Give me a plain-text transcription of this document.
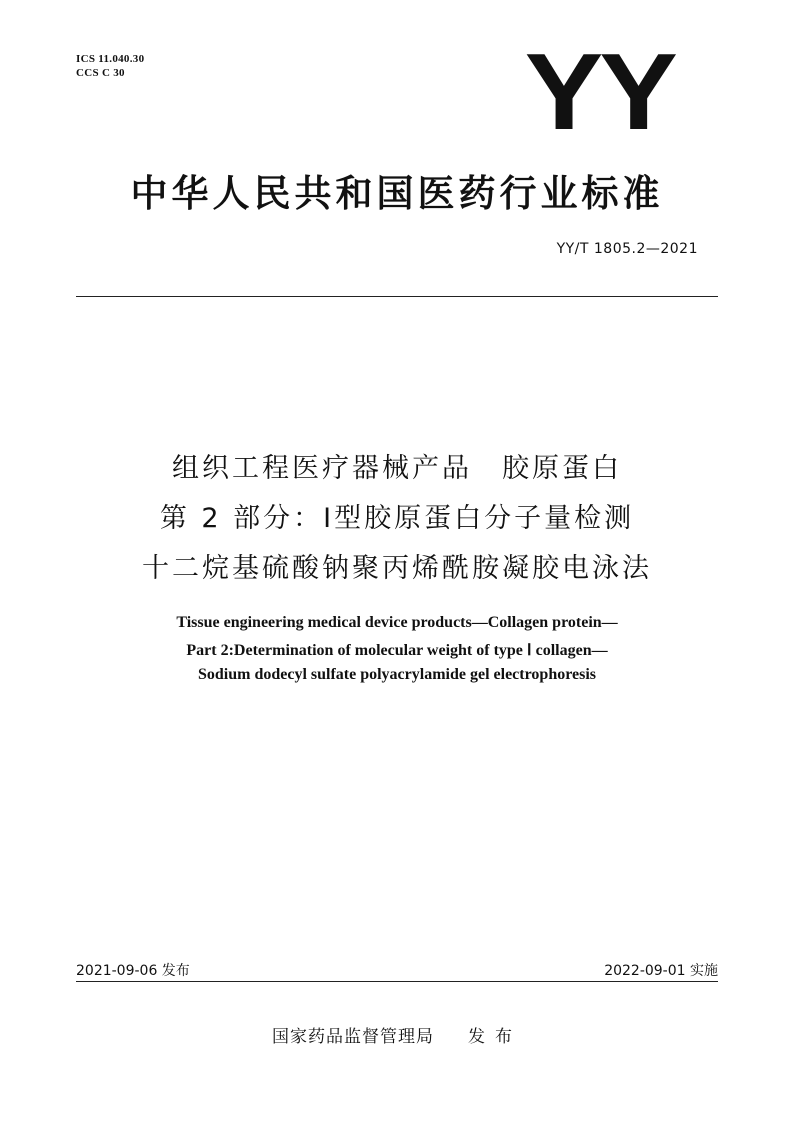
ICS 11.040.30
CCS C 30	YY
中华人民共和国医药行业标准
YY/T 1805.2—2021
组织工程医疗器械产品　胶原蛋白
第 2 部分：Ⅰ型胶原蛋白分子量检测
十二烷基硫酸钠聚丙烯酰胺凝胶电泳法
Tissue engineering medical device products—Collagen protein—
Part 2:Determination of molecular weight of type Ⅰ collagen—
Sodium dodecyl sulfate polyacrylamide gel electrophoresis
2021-09-06 发布	2022-09-01 实施
国家药品监督管理局 发布
